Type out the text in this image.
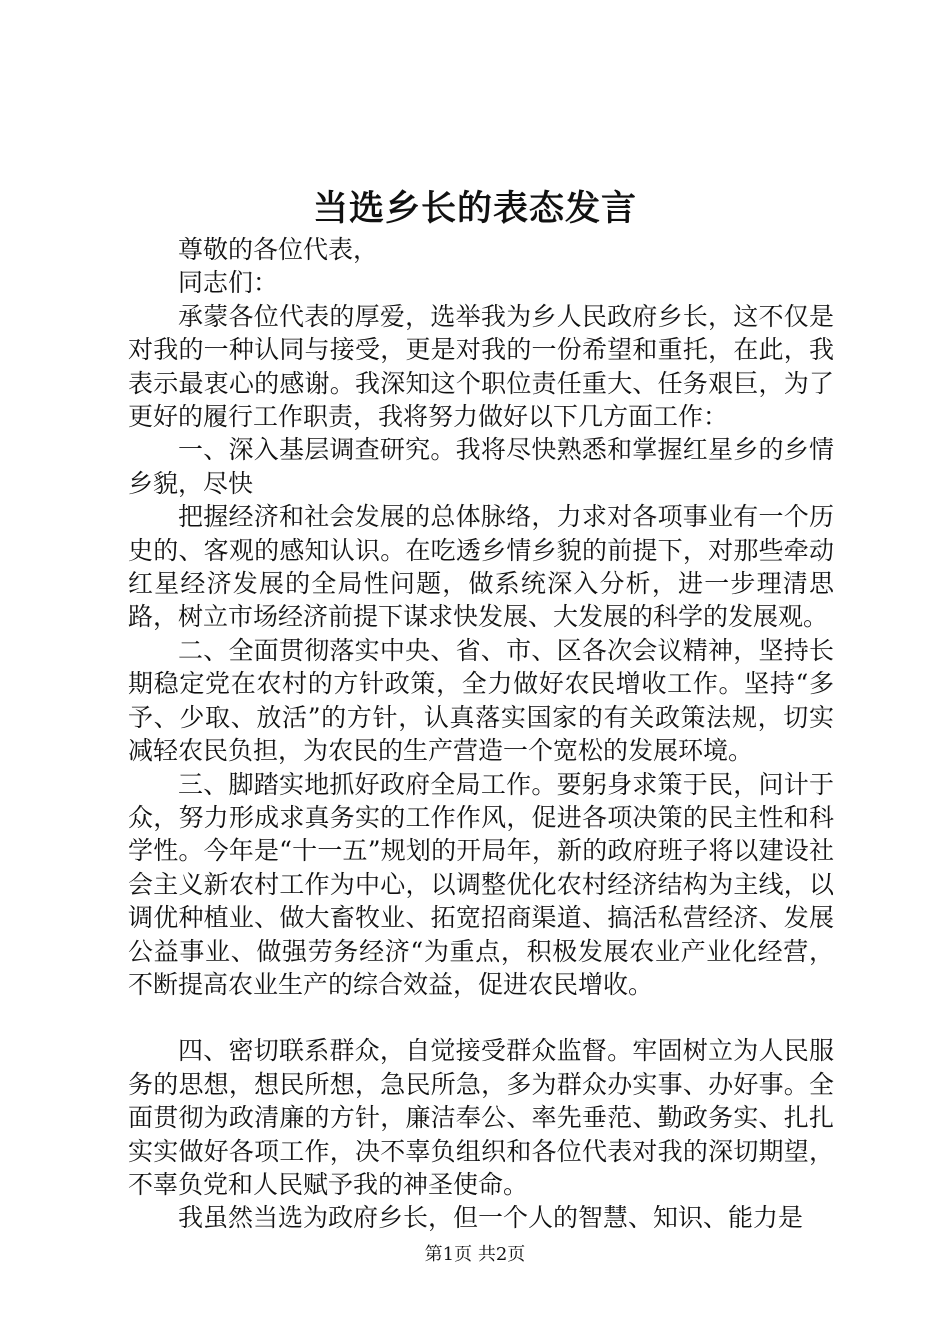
当选乡长的表态发言

尊敬的各位代表，

同志们：

承蒙各位代表的厚爱，选举我为乡人民政府乡长，这不仅是对我的一种认同与接受，更是对我的一份希望和重托，在此，我表示最衷心的感谢。我深知这个职位责任重大、任务艰巨，为了更好的履行工作职责，我将努力做好以下几方面工作：

一、深入基层调查研究。我将尽快熟悉和掌握红星乡的乡情乡貌，尽快

把握经济和社会发展的总体脉络，力求对各项事业有一个历史的、客观的感知认识。在吃透乡情乡貌的前提下，对那些牵动红星经济发展的全局性问题，做系统深入分析，进一步理清思路，树立市场经济前提下谋求快发展、大发展的科学的发展观。

二、全面贯彻落实中央、省、市、区各次会议精神，坚持长期稳定党在农村的方针政策，全力做好农民增收工作。坚持“多予、少取、放活”的方针，认真落实国家的有关政策法规，切实减轻农民负担，为农民的生产营造一个宽松的发展环境。

三、脚踏实地抓好政府全局工作。要躬身求策于民，问计于众，努力形成求真务实的工作作风，促进各项决策的民主性和科学性。今年是“十一五”规划的开局年，新的政府班子将以建设社会主义新农村工作为中心，以调整优化农村经济结构为主线，以调优种植业、做大畜牧业、拓宽招商渠道、搞活私营经济、发展公益事业、做强劳务经济“为重点，积极发展农业产业化经营，不断提高农业生产的综合效益，促进农民增收。

四、密切联系群众，自觉接受群众监督。牢固树立为人民服务的思想，想民所想，急民所急，多为群众办实事、办好事。全面贯彻为政清廉的方针，廉洁奉公、率先垂范、勤政务实、扎扎实实做好各项工作，决不辜负组织和各位代表对我的深切期望，不辜负党和人民赋予我的神圣使命。

我虽然当选为政府乡长，但一个人的智慧、知识、能力是

第1页 共2页
